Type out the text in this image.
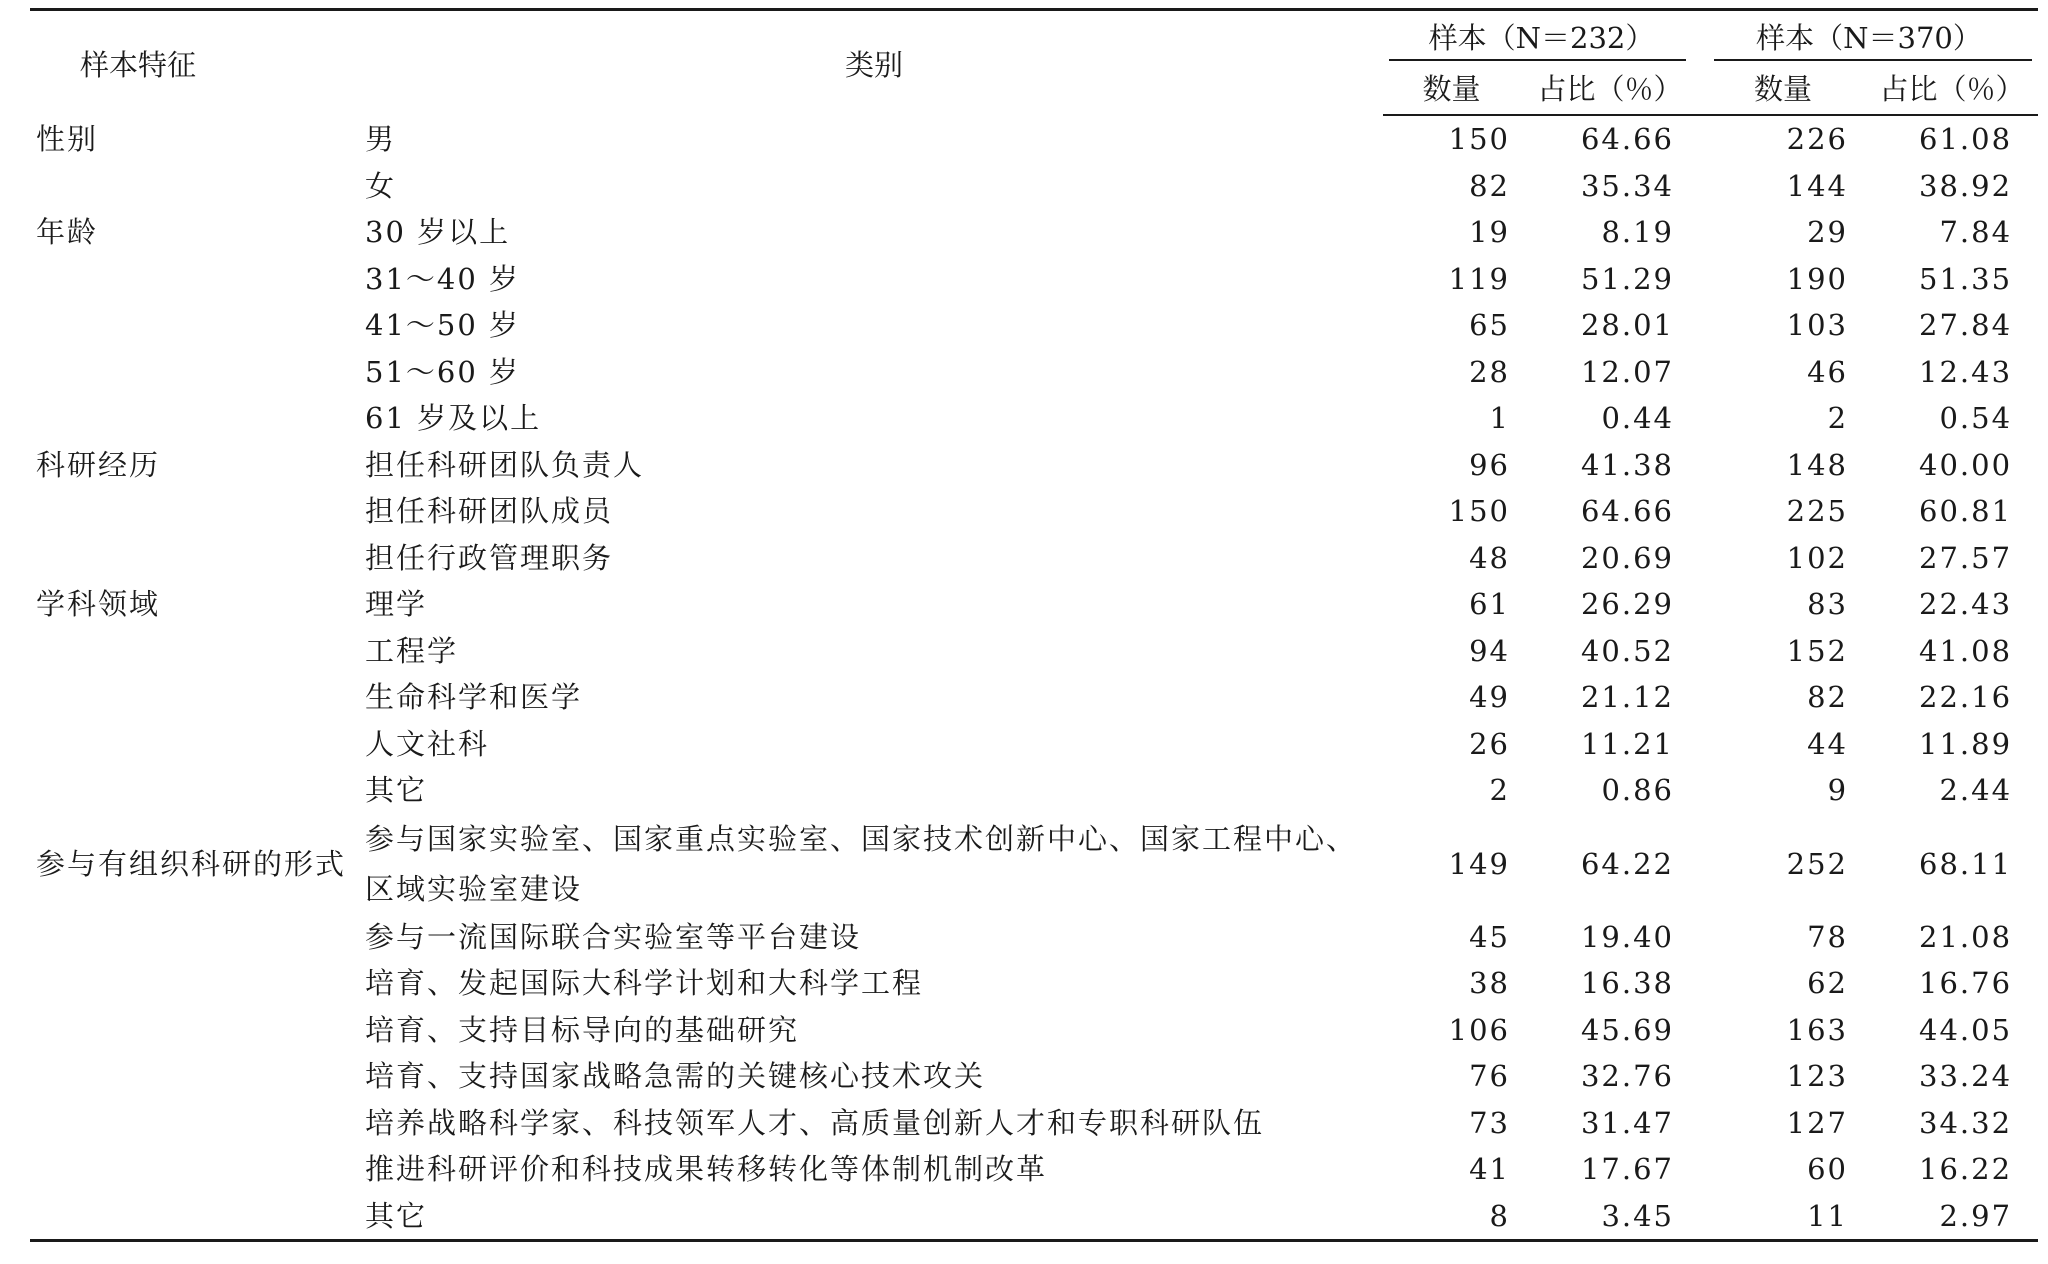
样本特征	类别	样本（N＝232）		样本（N＝370）	

		数量	占比（％）	数量	占比（％）
性别	男	150	64.66	226	61.08
	女	82	35.34	144	38.92
年龄	30 岁以上	19	8.19	29	7.84
	31～40 岁	119	51.29	190	51.35
	41～50 岁	65	28.01	103	27.84
	51～60 岁	28	12.07	46	12.43
	61 岁及以上	1	0.44	2	0.54
科研经历	担任科研团队负责人	96	41.38	148	40.00
	担任科研团队成员	150	64.66	225	60.81
	担任行政管理职务	48	20.69	102	27.57
学科领域	理学	61	26.29	83	22.43
	工程学	94	40.52	152	41.08
	生命科学和医学	49	21.12	82	22.16
	人文社科	26	11.21	44	11.89
	其它	2	0.86	9	2.44
参与有组织科研的形式	参与国家实验室、国家重点实验室、国家技术创新中心、国家工程中心、区域实验室建设	149	64.22	252	68.11
	参与一流国际联合实验室等平台建设	45	19.40	78	21.08
	培育、发起国际大科学计划和大科学工程	38	16.38	62	16.76
	培育、支持目标导向的基础研究	106	45.69	163	44.05
	培育、支持国家战略急需的关键核心技术攻关	76	32.76	123	33.24
	培养战略科学家、科技领军人才、高质量创新人才和专职科研队伍	73	31.47	127	34.32
	推进科研评价和科技成果转移转化等体制机制改革	41	17.67	60	16.22
	其它	8	3.45	11	2.97
